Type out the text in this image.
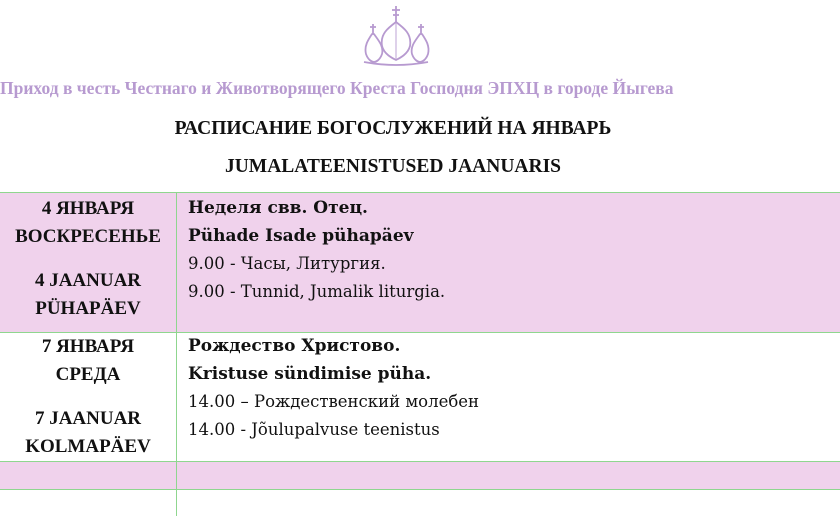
Приход в честь Честнаго и Животворящего Креста Господня ЭПХЦ в городе Йыгева
РАСПИСАНИЕ БОГОСЛУЖЕНИЙ НА ЯНВАРЬ
JUMALATEENISTUSED JAANUARIS
4 ЯНВАРЯ
ВОСКРЕСЕНЬЕ
4 JAANUAR
PÜHAPÄEV
Неделя свв. Отец.
Pühade Isade pühapäev
9.00 - Часы, Литургия.
9.00 - Tunnid, Jumalik liturgia.
7 ЯНВАРЯ
СРЕДА
7 JAANUAR
KOLMAPÄEV
Рождество Христово.
Kristuse sündimise püha.
14.00 – Рождественский молебен
14.00 - Jõulupalvuse teenistus
